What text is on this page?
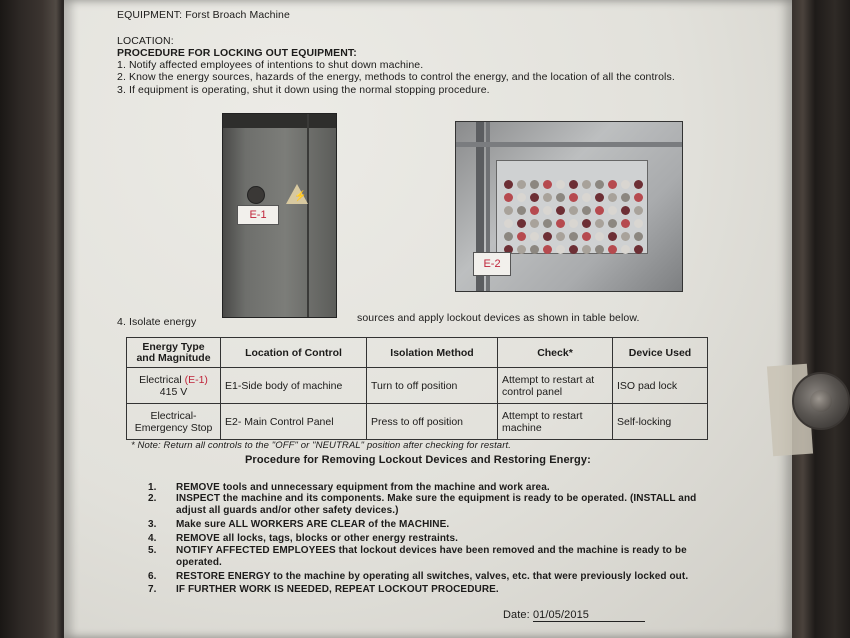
EQUIPMENT: Forst Broach Machine
LOCATION:
PROCEDURE FOR LOCKING OUT EQUIPMENT:
1. Notify affected employees of intentions to shut down machine.
2. Know the energy sources, hazards of the energy, methods to control the energy, and the location of all the controls.
3. If equipment is operating, shut it down using the normal stopping procedure.
⚡
E-1
E-2
4. Isolate energy	sources and apply lockout devices as shown in table below.
Energy Type
and Magnitude	Location of Control	Isolation Method	Check*	Device Used
Electrical (E-1)
415 V	E1-Side body of machine	Turn to off position	Attempt to restart at control panel	ISO pad lock
Electrical-
Emergency Stop	E2- Main Control Panel	Press to off position	Attempt to restart machine	Self-locking
* Note: Return all controls to the "OFF" or "NEUTRAL" position after checking for restart.
Procedure for Removing Lockout Devices and Restoring Energy:
1. REMOVE tools and unnecessary equipment from the machine and work area.
2. INSPECT the machine and its components. Make sure the equipment is ready to be operated. (INSTALL and
adjust all guards and/or other safety devices.)
3. Make sure ALL WORKERS ARE CLEAR of the MACHINE.
4. REMOVE all locks, tags, blocks or other energy restraints.
5. NOTIFY AFFECTED EMPLOYEES that lockout devices have been removed and the machine is ready to be
operated.
6. RESTORE ENERGY to the machine by operating all switches, valves, etc. that were previously locked out.
7. IF FURTHER WORK IS NEEDED, REPEAT LOCKOUT PROCEDURE.
Date: 01/05/2015
